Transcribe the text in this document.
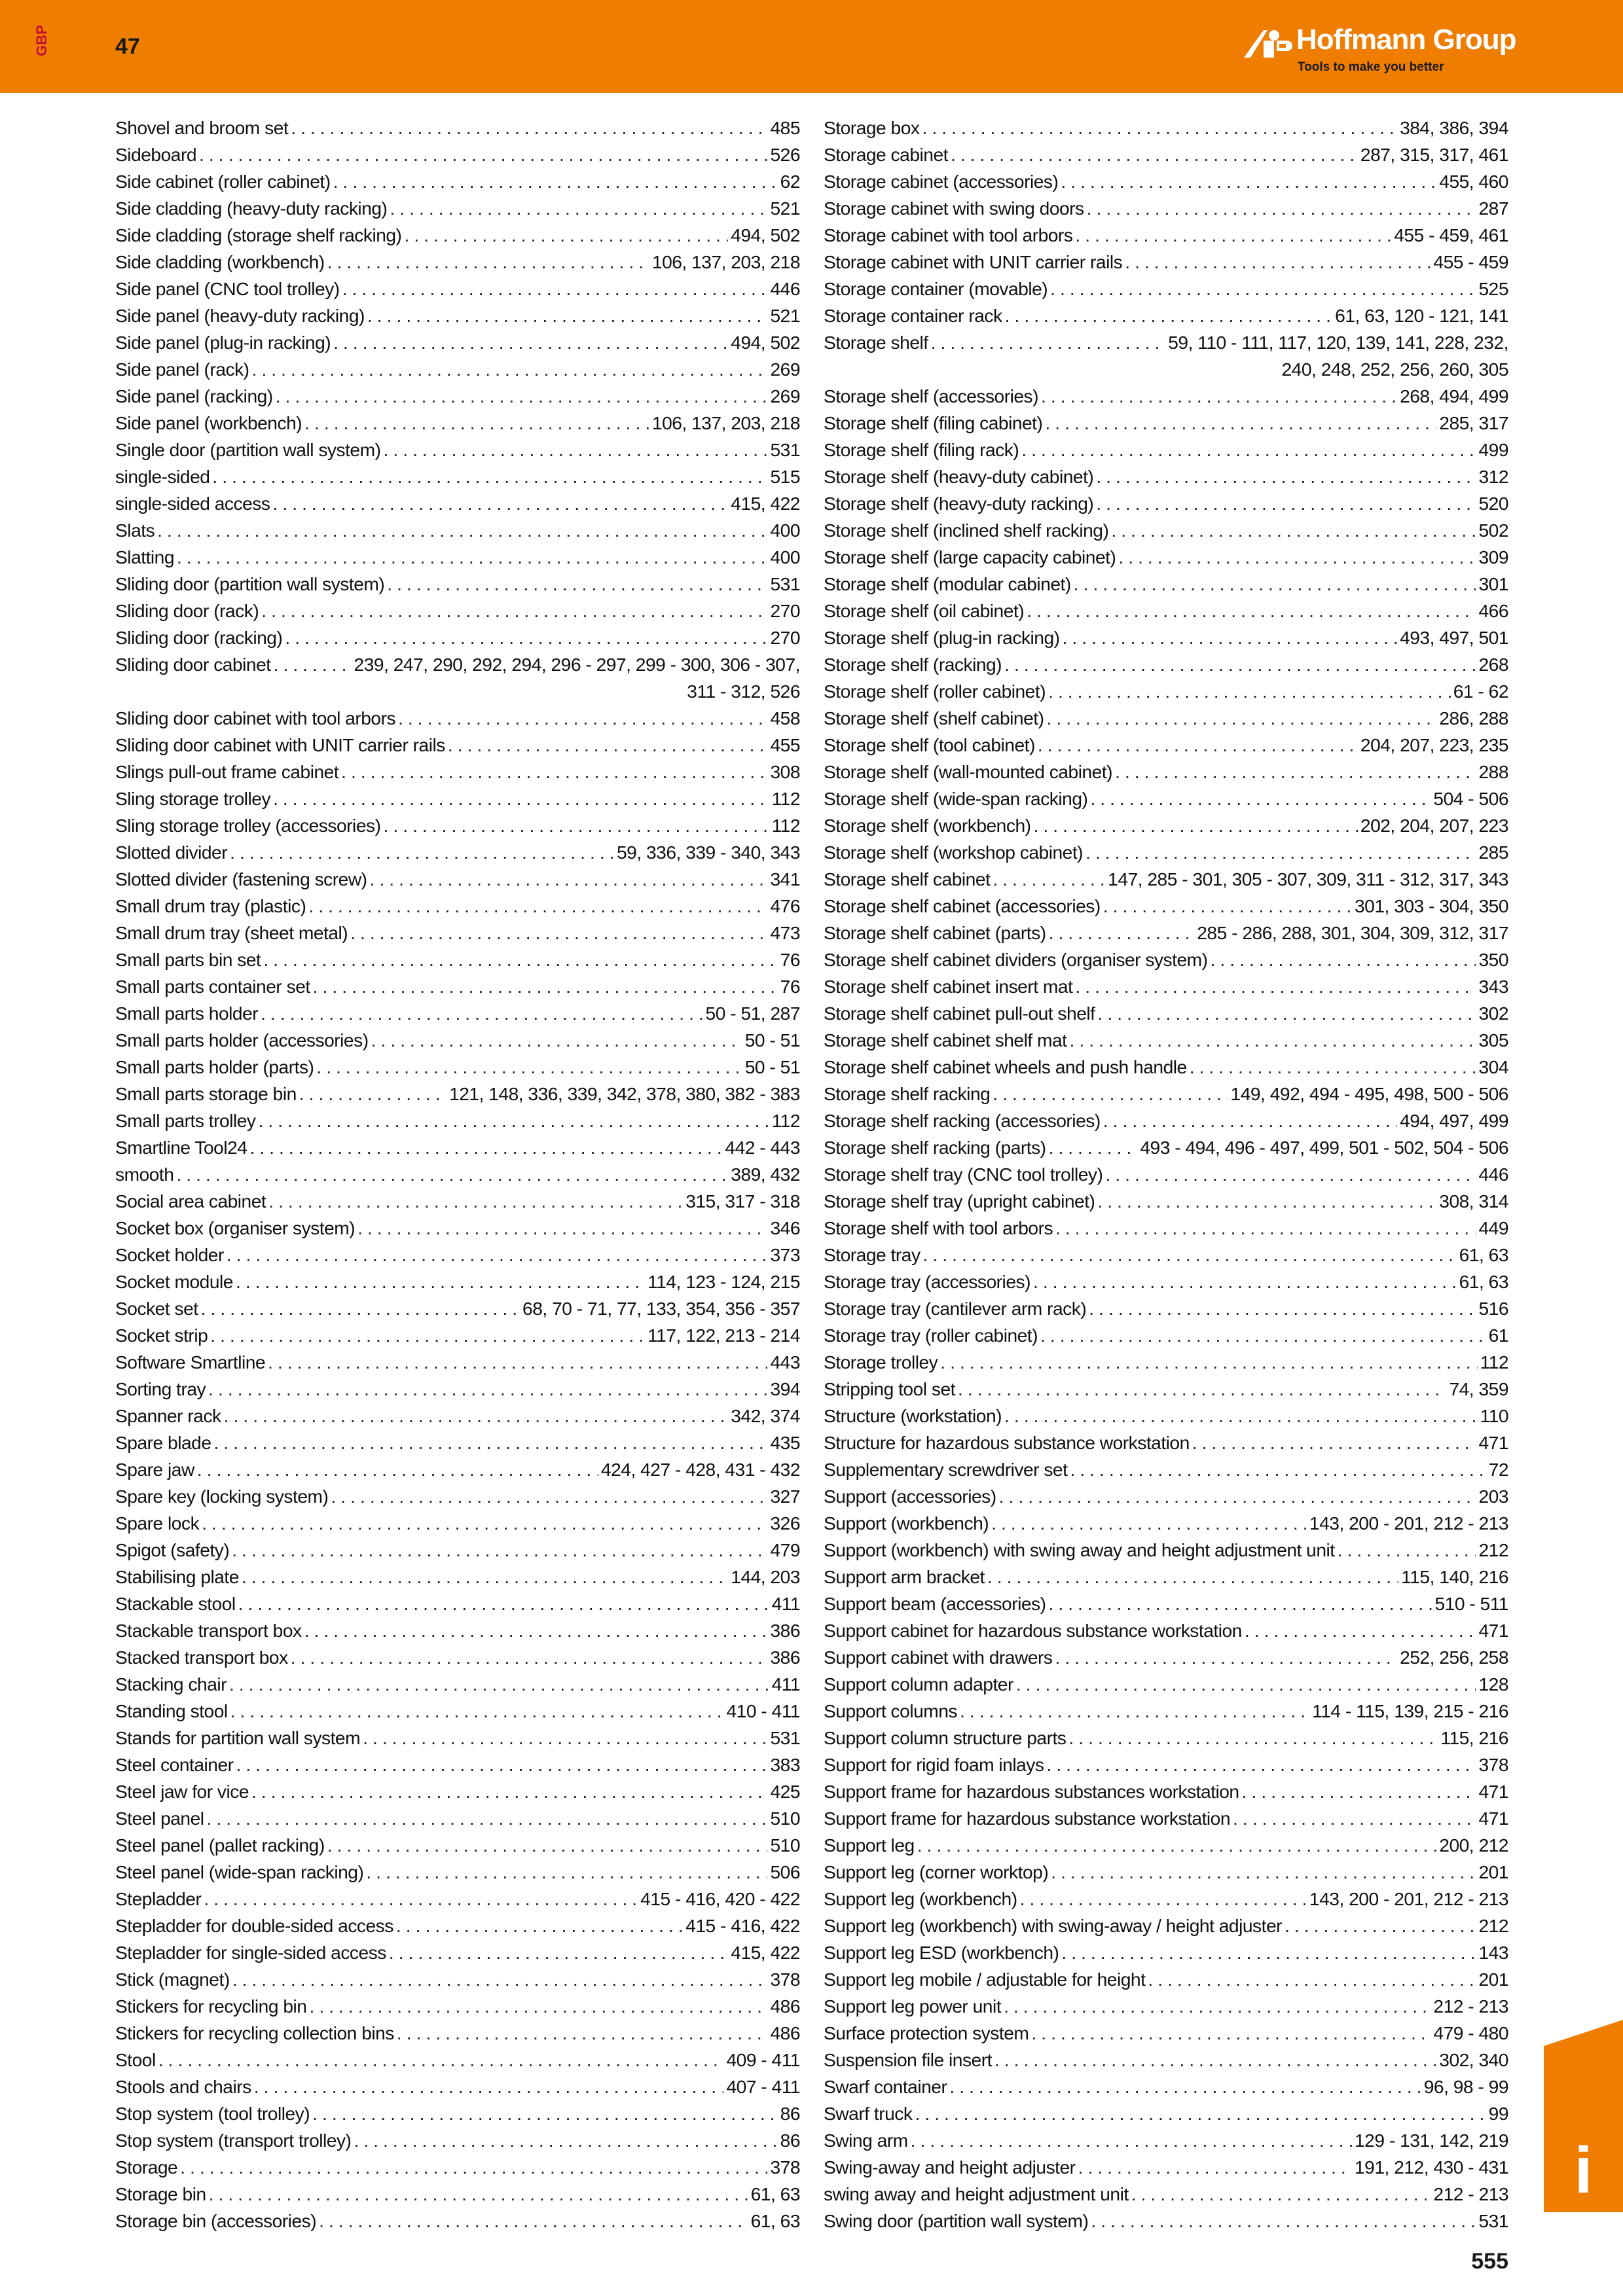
GBP	47	Hoffmann Group
Tools to make you better
Shovel and broom set . . .	485
Sideboard . . .	526
Side cabinet (roller cabinet) . . .	62
Side cladding (heavy-duty racking) . . .	521
Side cladding (storage shelf racking) . . .	494, 502
Side cladding (workbench) . . .	106, 137, 203, 218
Side panel (CNC tool trolley) . . .	446
Side panel (heavy-duty racking) . . .	521
Side panel (plug-in racking) . . .	494, 502
Side panel (rack) . . .	269
Side panel (racking) . . .	269
Side panel (workbench) . . .	106, 137, 203, 218
Single door (partition wall system) . . .	531
single-sided . . .	515
single-sided access . . .	415, 422
Slats . . .	400
Slatting . . .	400
Sliding door (partition wall system) . . .	531
Sliding door (rack) . . .	270
Sliding door (racking) . . .	270
Sliding door cabinet . . .	239, 247, 290, 292, 294, 296 - 297, 299 - 300, 306 - 307,
311 - 312, 526
Sliding door cabinet with tool arbors . . .	458
Sliding door cabinet with UNIT carrier rails . . .	455
Slings pull-out frame cabinet . . .	308
Sling storage trolley . . .	112
Sling storage trolley (accessories) . . .	112
Slotted divider . . .	59, 336, 339 - 340, 343
Slotted divider (fastening screw) . . .	341
Small drum tray (plastic) . . .	476
Small drum tray (sheet metal) . . .	473
Small parts bin set . . .	76
Small parts container set . . .	76
Small parts holder . . .	50 - 51, 287
Small parts holder (accessories) . . .	50 - 51
Small parts holder (parts) . . .	50 - 51
Small parts storage bin . . .	121, 148, 336, 339, 342, 378, 380, 382 - 383
Small parts trolley . . .	112
Smartline Tool24 . . .	442 - 443
smooth . . .	389, 432
Social area cabinet . . .	315, 317 - 318
Socket box (organiser system) . . .	346
Socket holder . . .	373
Socket module . . .	114, 123 - 124, 215
Socket set . . .	68, 70 - 71, 77, 133, 354, 356 - 357
Socket strip . . .	117, 122, 213 - 214
Software Smartline . . .	443
Sorting tray . . .	394
Spanner rack . . .	342, 374
Spare blade . . .	435
Spare jaw . . .	424, 427 - 428, 431 - 432
Spare key (locking system) . . .	327
Spare lock . . .	326
Spigot (safety) . . .	479
Stabilising plate . . .	144, 203
Stackable stool . . .	411
Stackable transport box . . .	386
Stacked transport box . . .	386
Stacking chair . . .	411
Standing stool . . .	410 - 411
Stands for partition wall system . . .	531
Steel container . . .	383
Steel jaw for vice . . .	425
Steel panel . . .	510
Steel panel (pallet racking) . . .	510
Steel panel (wide-span racking) . . .	506
Stepladder . . .	415 - 416, 420 - 422
Stepladder for double-sided access . . .	415 - 416, 422
Stepladder for single-sided access . . .	415, 422
Stick (magnet) . . .	378
Stickers for recycling bin . . .	486
Stickers for recycling collection bins . . .	486
Stool . . .	409 - 411
Stools and chairs . . .	407 - 411
Stop system (tool trolley) . . .	86
Stop system (transport trolley) . . .	86
Storage . . .	378
Storage bin . . .	61, 63
Storage bin (accessories) . . .	61, 63
Storage box . . .	384, 386, 394
Storage cabinet . . .	287, 315, 317, 461
Storage cabinet (accessories) . . .	455, 460
Storage cabinet with swing doors . . .	287
Storage cabinet with tool arbors . . .	455 - 459, 461
Storage cabinet with UNIT carrier rails . . .	455 - 459
Storage container (movable) . . .	525
Storage container rack . . .	61, 63, 120 - 121, 141
Storage shelf . . .	59, 110 - 111, 117, 120, 139, 141, 228, 232,
240, 248, 252, 256, 260, 305
Storage shelf (accessories) . . .	268, 494, 499
Storage shelf (filing cabinet) . . .	285, 317
Storage shelf (filing rack) . . .	499
Storage shelf (heavy-duty cabinet) . . .	312
Storage shelf (heavy-duty racking) . . .	520
Storage shelf (inclined shelf racking) . . .	502
Storage shelf (large capacity cabinet) . . .	309
Storage shelf (modular cabinet) . . .	301
Storage shelf (oil cabinet) . . .	466
Storage shelf (plug-in racking) . . .	493, 497, 501
Storage shelf (racking) . . .	268
Storage shelf (roller cabinet) . . .	61 - 62
Storage shelf (shelf cabinet) . . .	286, 288
Storage shelf (tool cabinet) . . .	204, 207, 223, 235
Storage shelf (wall-mounted cabinet) . . .	288
Storage shelf (wide-span racking) . . .	504 - 506
Storage shelf (workbench) . . .	202, 204, 207, 223
Storage shelf (workshop cabinet) . . .	285
Storage shelf cabinet . . .	147, 285 - 301, 305 - 307, 309, 311 - 312, 317, 343
Storage shelf cabinet (accessories) . . .	301, 303 - 304, 350
Storage shelf cabinet (parts) . . .	285 - 286, 288, 301, 304, 309, 312, 317
Storage shelf cabinet dividers (organiser system) . . .	350
Storage shelf cabinet insert mat . . .	343
Storage shelf cabinet pull-out shelf . . .	302
Storage shelf cabinet shelf mat . . .	305
Storage shelf cabinet wheels and push handle . . .	304
Storage shelf racking . . .	149, 492, 494 - 495, 498, 500 - 506
Storage shelf racking (accessories) . . .	494, 497, 499
Storage shelf racking (parts) . . .	493 - 494, 496 - 497, 499, 501 - 502, 504 - 506
Storage shelf tray (CNC tool trolley) . . .	446
Storage shelf tray (upright cabinet) . . .	308, 314
Storage shelf with tool arbors . . .	449
Storage tray . . .	61, 63
Storage tray (accessories) . . .	61, 63
Storage tray (cantilever arm rack) . . .	516
Storage tray (roller cabinet) . . .	61
Storage trolley . . .	112
Stripping tool set . . .	74, 359
Structure (workstation) . . .	110
Structure for hazardous substance workstation . . .	471
Supplementary screwdriver set . . .	72
Support (accessories) . . .	203
Support (workbench) . . .	143, 200 - 201, 212 - 213
Support (workbench) with swing away and height adjustment unit . . .	212
Support arm bracket . . .	115, 140, 216
Support beam (accessories) . . .	510 - 511
Support cabinet for hazardous substance workstation . . .	471
Support cabinet with drawers . . .	252, 256, 258
Support column adapter . . .	128
Support columns . . .	114 - 115, 139, 215 - 216
Support column structure parts . . .	115, 216
Support for rigid foam inlays . . .	378
Support frame for hazardous substances workstation . . .	471
Support frame for hazardous substance workstation . . .	471
Support leg . . .	200, 212
Support leg (corner worktop) . . .	201
Support leg (workbench) . . .	143, 200 - 201, 212 - 213
Support leg (workbench) with swing-away / height adjuster . . .	212
Support leg ESD (workbench) . . .	143
Support leg mobile / adjustable for height . . .	201
Support leg power unit . . .	212 - 213
Surface protection system . . .	479 - 480
Suspension file insert . . .	302, 340
Swarf container . . .	96, 98 - 99
Swarf truck . . .	99
Swing arm . . .	129 - 131, 142, 219
Swing-away and height adjuster . . .	191, 212, 430 - 431
swing away and height adjustment unit . . .	212 - 213
Swing door (partition wall system) . . .	531
i
555
